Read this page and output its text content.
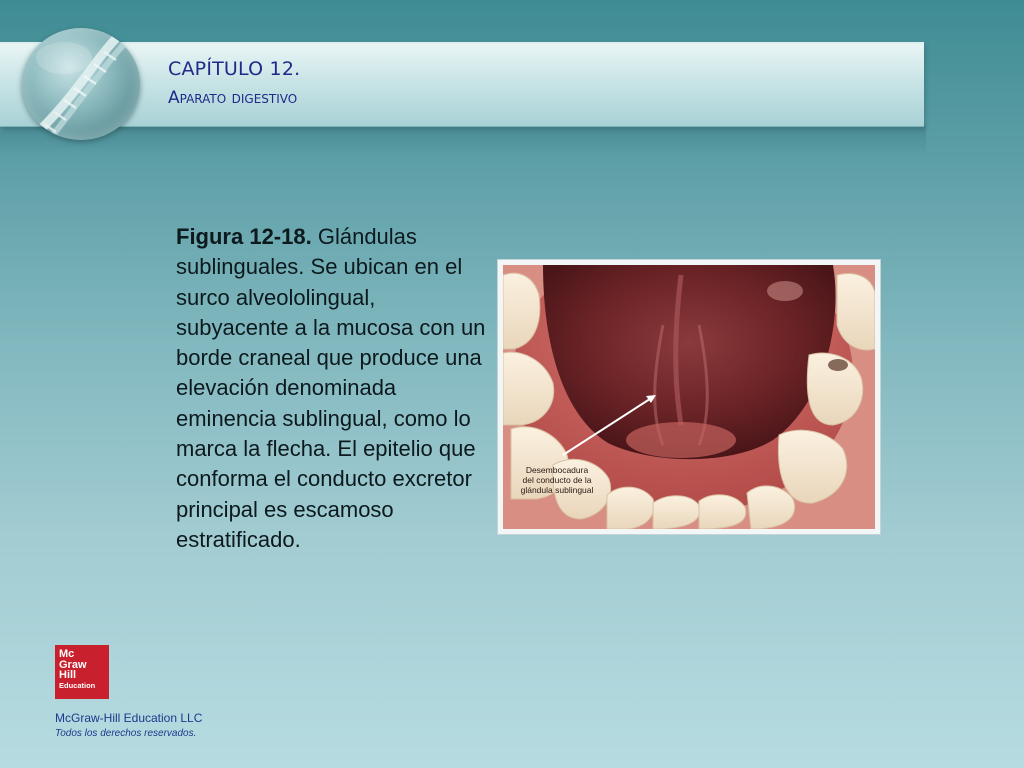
CAPÍTULO 12.
Aparato digestivo
Figura 12-18. Glándulas sublinguales. Se ubican en el surco alveololingual, subyacente a la mucosa con un borde craneal que produce una elevación denominada eminencia sublingual, como lo marca la flecha. El epitelio que conforma el conducto excretor principal es escamoso estratificado.
Desembocadura
del conducto de la
glándula sublingual
Mc
Graw
Hill
Education
McGraw-Hill Education LLC
Todos los derechos reservados.
